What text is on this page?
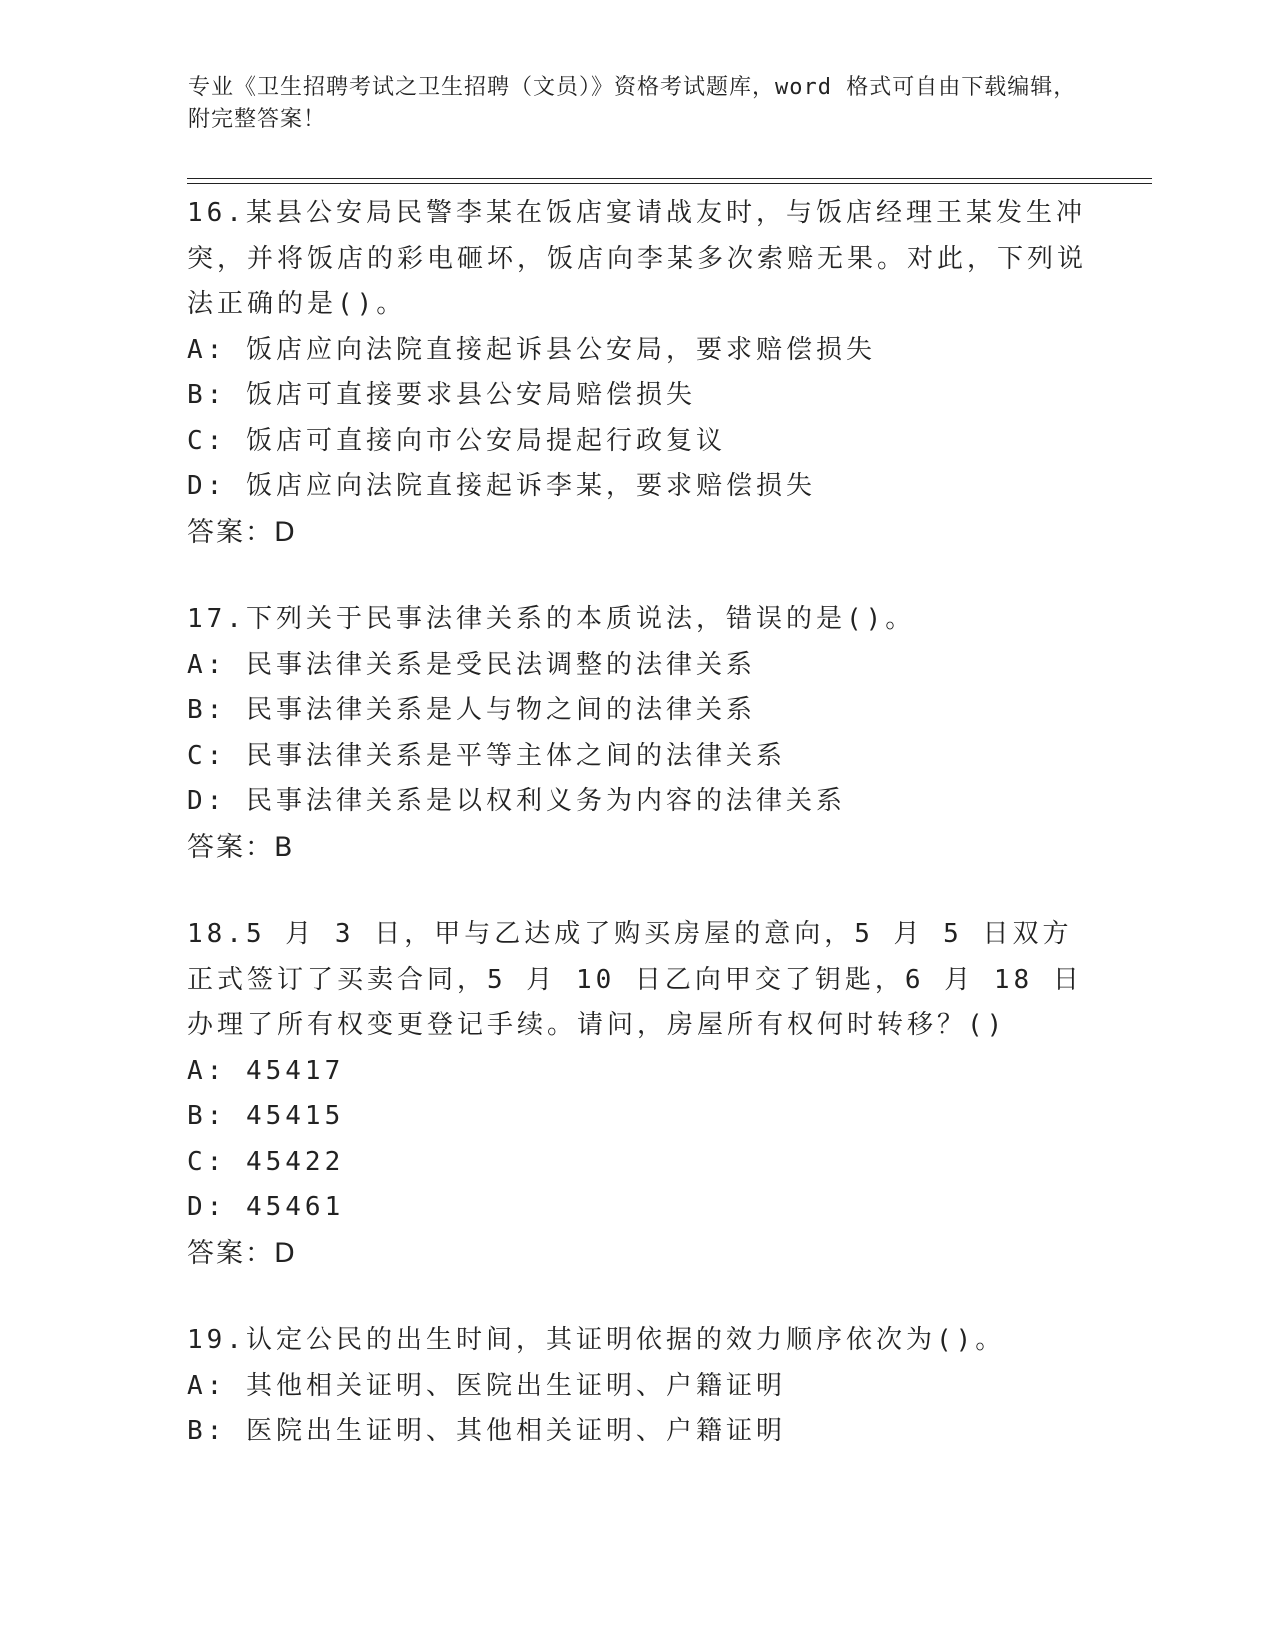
专业《卫生招聘考试之卫生招聘（文员）》资格考试题库，word 格式可自由下载编辑，附完整答案！

16.某县公安局民警李某在饭店宴请战友时，与饭店经理王某发生冲突，并将饭店的彩电砸坏，饭店向李某多次索赔无果。对此，下列说法正确的是()。

A: 饭店应向法院直接起诉县公安局，要求赔偿损失

B: 饭店可直接要求县公安局赔偿损失

C: 饭店可直接向市公安局提起行政复议

D: 饭店应向法院直接起诉李某，要求赔偿损失

答案：D

17.下列关于民事法律关系的本质说法，错误的是()。

A: 民事法律关系是受民法调整的法律关系

B: 民事法律关系是人与物之间的法律关系

C: 民事法律关系是平等主体之间的法律关系

D: 民事法律关系是以权利义务为内容的法律关系

答案：B

18.5 月 3 日，甲与乙达成了购买房屋的意向，5 月 5 日双方正式签订了买卖合同，5 月 10 日乙向甲交了钥匙，6 月 18 日办理了所有权变更登记手续。请问，房屋所有权何时转移？()

A: 45417

B: 45415

C: 45422

D: 45461

答案：D

19.认定公民的出生时间，其证明依据的效力顺序依次为()。

A: 其他相关证明、医院出生证明、户籍证明

B: 医院出生证明、其他相关证明、户籍证明
